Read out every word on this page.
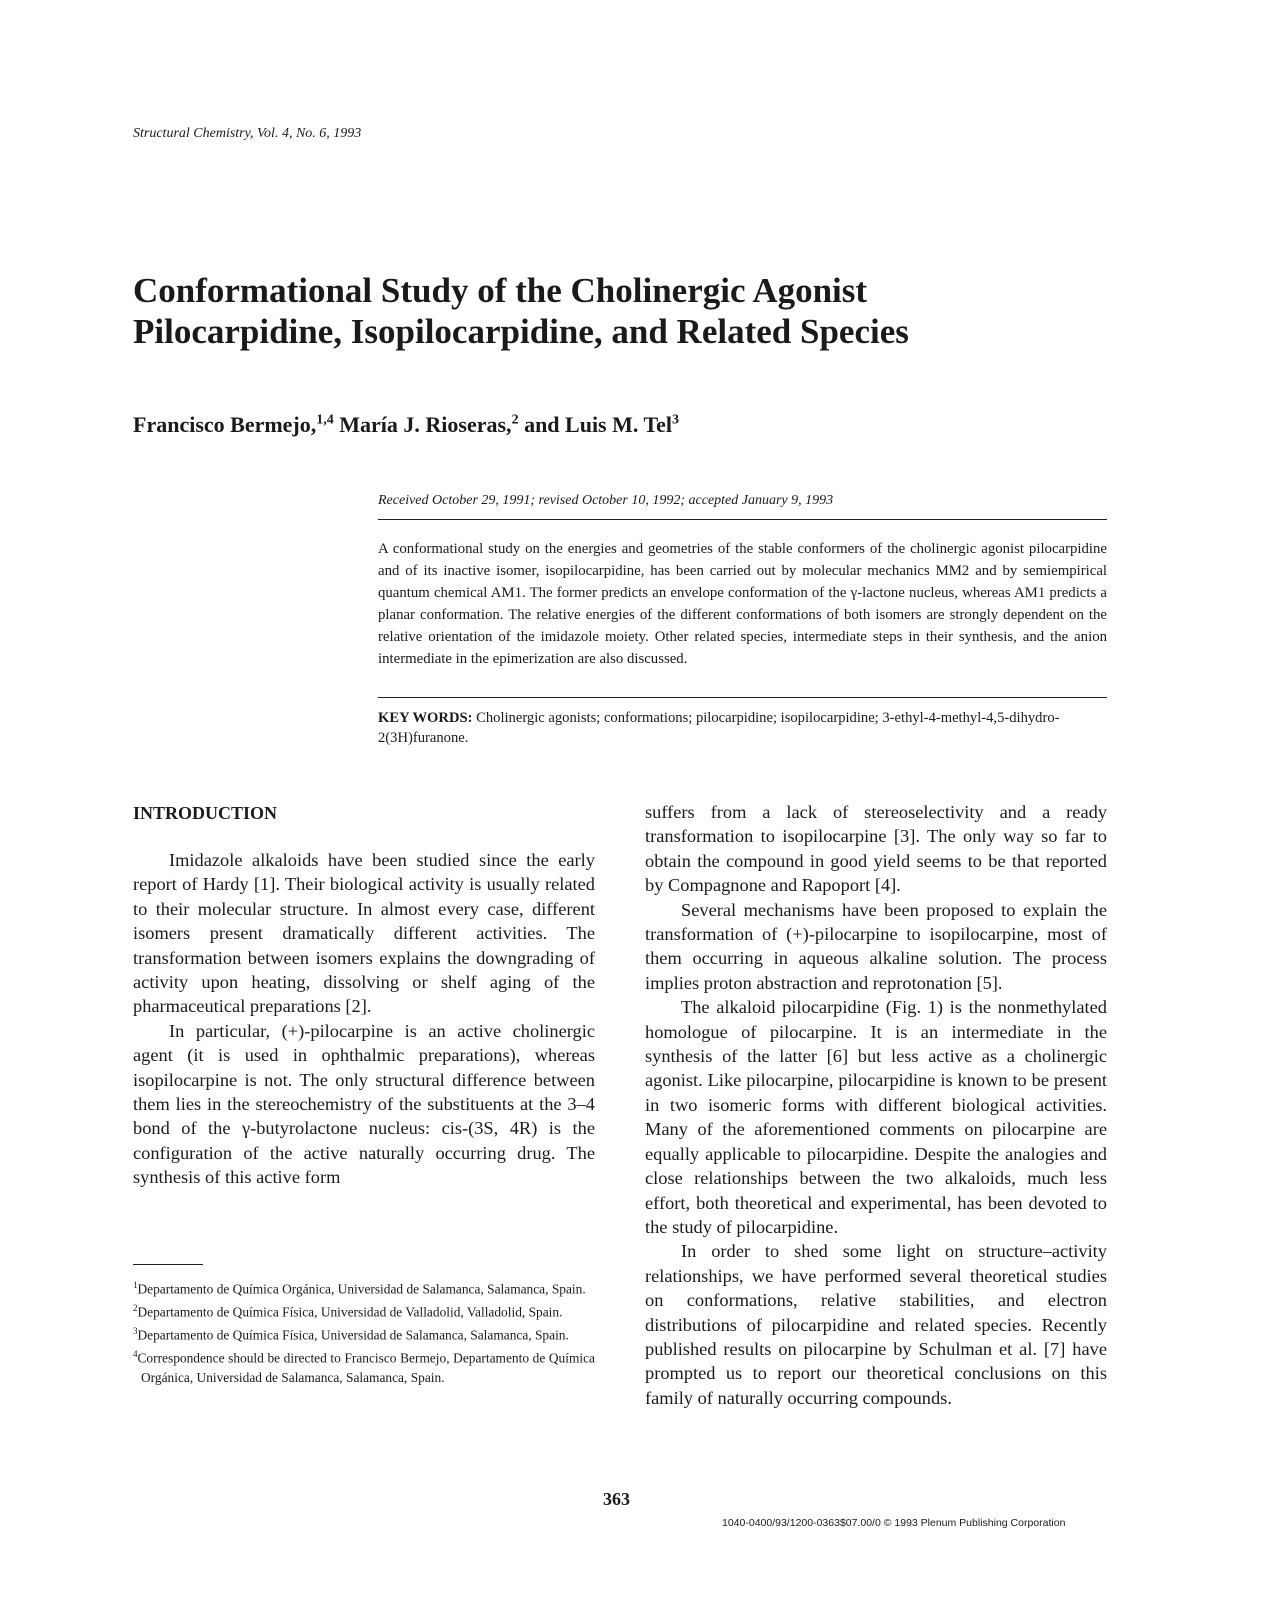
Structural Chemistry, Vol. 4, No. 6, 1993
Conformational Study of the Cholinergic Agonist
Pilocarpidine, Isopilocarpidine, and Related Species
Francisco Bermejo,$^{1,4}$ María J. Rioseras,$^2$ and Luis M. Tel$^3$
Received October 29, 1991; revised October 10, 1992; accepted January 9, 1993
A conformational study on the energies and geometries of the stable conformers of the cholinergic agonist pilocarpidine and of its inactive isomer, isopilocarpidine, has been carried out by molecular mechanics MM2 and by semiempirical quantum chemical AM1. The former predicts an envelope conformation of the γ-lactone nucleus, whereas AM1 predicts a planar conformation. The relative energies of the different conformations of both isomers are strongly dependent on the relative orientation of the imidazole moiety. Other related species, intermediate steps in their synthesis, and the anion intermediate in the epimerization are also discussed.
KEY WORDS: Cholinergic agonists; conformations; pilocarpidine; isopilocarpidine; 3-ethyl-4-methyl-4,5-dihydro-2(3H)furanone.
INTRODUCTION

Imidazole alkaloids have been studied since the early report of Hardy [1]. Their biological activity is usually related to their molecular structure. In almost every case, different isomers present dramatically different activities. The transformation between isomers explains the downgrading of activity upon heating, dissolving or shelf aging of the pharmaceutical preparations [2].

In particular, (+)-pilocarpine is an active cholinergic agent (it is used in ophthalmic preparations), whereas isopilocarpine is not. The only structural difference between them lies in the stereochemistry of the substituents at the 3–4 bond of the γ-butyrolactone nucleus: cis-(3S, 4R) is the configuration of the active naturally occurring drug. The synthesis of this active form

suffers from a lack of stereoselectivity and a ready transformation to isopilocarpine [3]. The only way so far to obtain the compound in good yield seems to be that reported by Compagnone and Rapoport [4].

Several mechanisms have been proposed to explain the transformation of (+)-pilocarpine to isopilocarpine, most of them occurring in aqueous alkaline solution. The process implies proton abstraction and reprotonation [5].

The alkaloid pilocarpidine (Fig. 1) is the nonmethylated homologue of pilocarpine. It is an intermediate in the synthesis of the latter [6] but less active as a cholinergic agonist. Like pilocarpine, pilocarpidine is known to be present in two isomeric forms with different biological activities. Many of the aforementioned comments on pilocarpine are equally applicable to pilocarpidine. Despite the analogies and close relationships between the two alkaloids, much less effort, both theoretical and experimental, has been devoted to the study of pilocarpidine.

In order to shed some light on structure–activity relationships, we have performed several theoretical studies on conformations, relative stabilities, and electron distributions of pilocarpidine and related species. Recently published results on pilocarpine by Schulman et al. [7] have prompted us to report our theoretical conclusions on this family of naturally occurring compounds.

$^1$Departamento de Química Orgánica, Universidad de Salamanca, Salamanca, Spain.

$^2$Departamento de Química Física, Universidad de Valladolid, Valladolid, Spain.

$^3$Departamento de Química Física, Universidad de Salamanca, Salamanca, Spain.

$^4$Correspondence should be directed to Francisco Bermejo, Departamento de Química Orgánica, Universidad de Salamanca, Salamanca, Spain.

363
1040-0400/93/1200-0363$07.00/0 © 1993 Plenum Publishing Corporation
